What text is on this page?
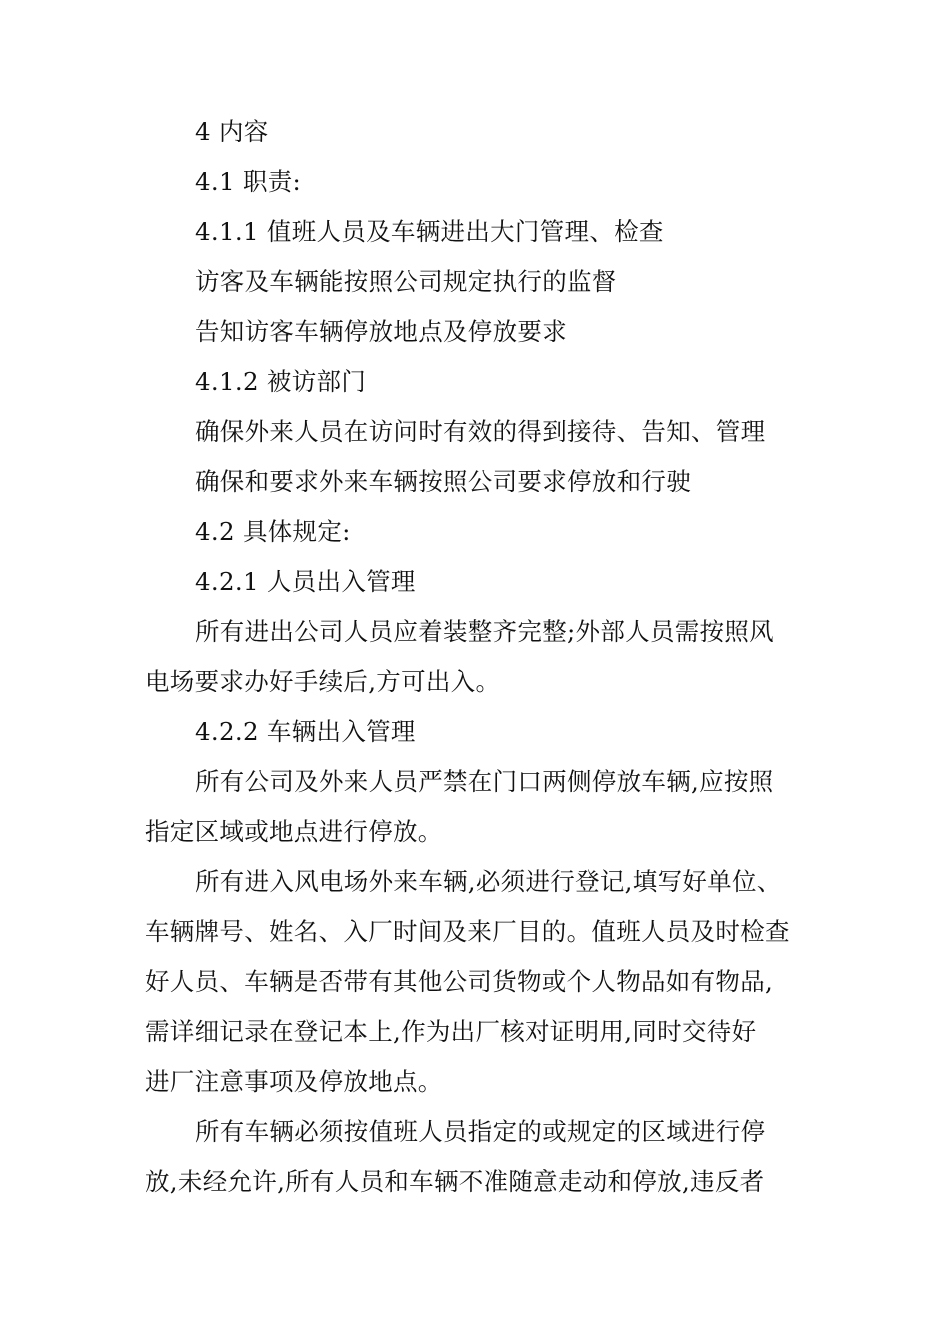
4 内容
4.1 职责:
4.1.1 值班人员及车辆进出大门管理、检查
访客及车辆能按照公司规定执行的监督
告知访客车辆停放地点及停放要求
4.1.2 被访部门
确保外来人员在访问时有效的得到接待、告知、管理
确保和要求外来车辆按照公司要求停放和行驶
4.2 具体规定:
4.2.1 人员出入管理
所有进出公司人员应着装整齐完整;外部人员需按照风
电场要求办好手续后,方可出入。
4.2.2 车辆出入管理
所有公司及外来人员严禁在门口两侧停放车辆,应按照
指定区域或地点进行停放。
所有进入风电场外来车辆,必须进行登记,填写好单位、
车辆牌号、姓名、入厂时间及来厂目的。值班人员及时检查
好人员、车辆是否带有其他公司货物或个人物品如有物品,
需详细记录在登记本上,作为出厂核对证明用,同时交待好
进厂注意事项及停放地点。
所有车辆必须按值班人员指定的或规定的区域进行停
放,未经允许,所有人员和车辆不准随意走动和停放,违反者
